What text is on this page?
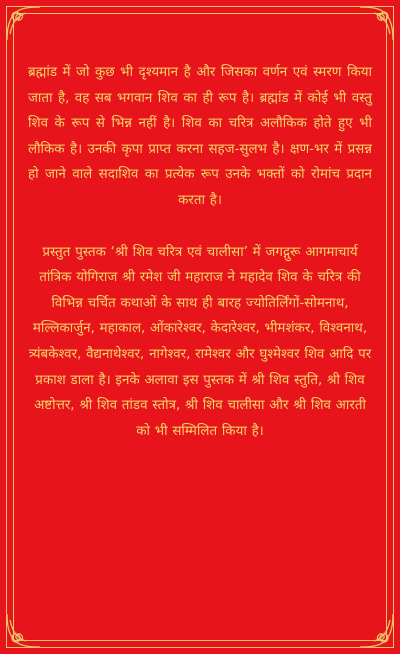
ब्रह्मांड में जो कुछ भी दृश्यमान है और जिसका वर्णन एवं स्मरण किया जाता है, वह सब भगवान शिव का ही रूप है। ब्रह्मांड में कोई भी वस्तु शिव के रूप से भिन्न नहीं है। शिव का चरित्र अलौकिक होते हुए भी लौकिक है। उनकी कृपा प्राप्त करना सहज-सुलभ है। क्षण-भर में प्रसन्न हो जाने वाले सदाशिव का प्रत्येक रूप उनके भक्तों को रोमांच प्रदान करता है।

प्रस्तुत पुस्तक ‘श्री शिव चरित्र एवं चालीसा’ में जगद्गुरू आगमाचार्य तांत्रिक योगिराज श्री रमेश जी महाराज ने महादेव शिव के चरित्र की विभिन्न चर्चित कथाओं के साथ ही बारह ज्योतिर्लिंगों-सोमनाथ, मल्लिकार्जुन, महाकाल, ओंकारेश्वर, केदारेश्वर, भीमशंकर, विश्वनाथ, त्र्यंबकेश्वर, वैद्यनाथेश्वर, नागेश्वर, रामेश्वर और घुश्मेश्वर शिव आदि पर प्रकाश डाला है। इनके अलावा इस पुस्तक में श्री शिव स्तुति, श्री शिव अष्टोत्तर, श्री शिव तांडव स्तोत्र, श्री शिव चालीसा और श्री शिव आरती को भी सम्मिलित किया है।
